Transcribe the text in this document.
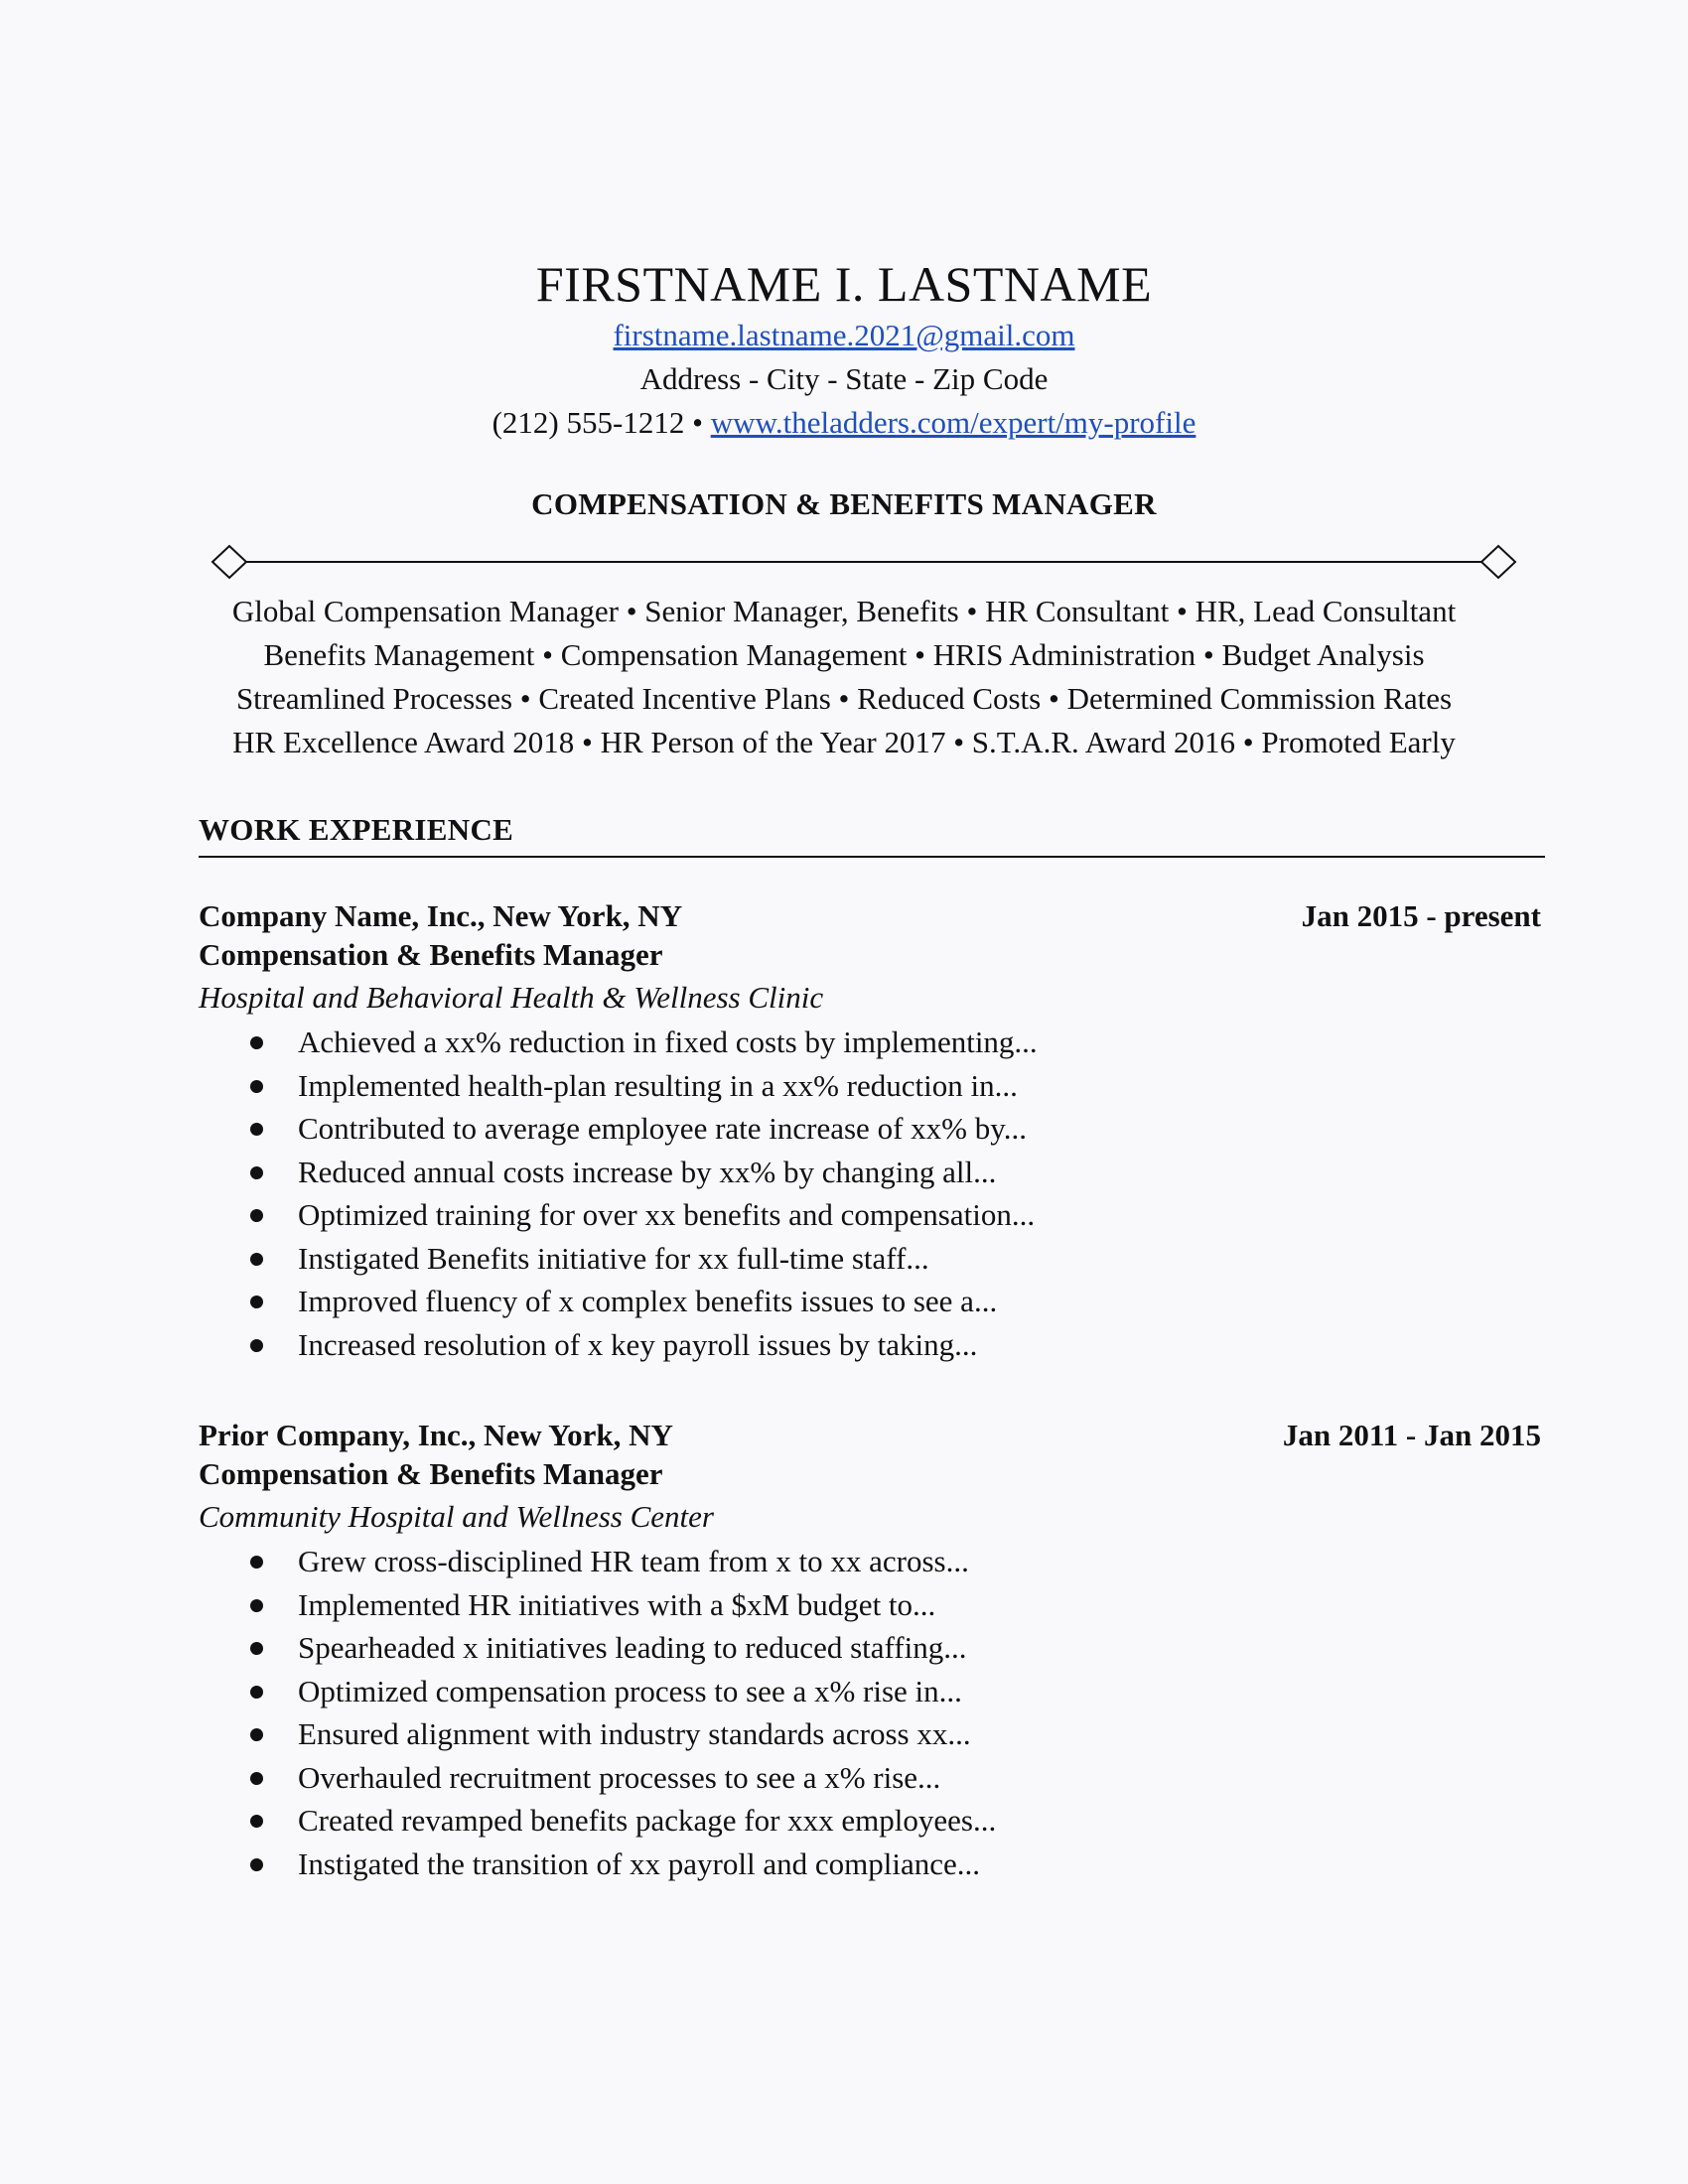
FIRSTNAME I. LASTNAME
firstname.lastname.2021@gmail.com
Address - City - State - Zip Code
(212) 555-1212 • www.theladders.com/expert/my-profile
COMPENSATION & BENEFITS MANAGER
Global Compensation Manager • Senior Manager, Benefits • HR Consultant • HR, Lead Consultant
Benefits Management • Compensation Management • HRIS Administration • Budget Analysis
Streamlined Processes • Created Incentive Plans • Reduced Costs • Determined Commission Rates
HR Excellence Award 2018 • HR Person of the Year 2017 • S.T.A.R. Award 2016 • Promoted Early
WORK EXPERIENCE
Company Name, Inc., New York, NY	Jan 2015 - present
Compensation & Benefits Manager
Hospital and Behavioral Health & Wellness Clinic
Achieved a xx% reduction in fixed costs by implementing...
Implemented health-plan resulting in a xx% reduction in...
Contributed to average employee rate increase of xx% by...
Reduced annual costs increase by xx% by changing all...
Optimized training for over xx benefits and compensation...
Instigated Benefits initiative for xx full-time staff...
Improved fluency of x complex benefits issues to see a...
Increased resolution of x key payroll issues by taking...
Prior Company, Inc., New York, NY	Jan 2011 - Jan 2015
Compensation & Benefits Manager
Community Hospital and Wellness Center
Grew cross-disciplined HR team from x to xx across...
Implemented HR initiatives with a $xM budget to...
Spearheaded x initiatives leading to reduced staffing...
Optimized compensation process to see a x% rise in...
Ensured alignment with industry standards across xx...
Overhauled recruitment processes to see a x% rise...
Created revamped benefits package for xxx employees...
Instigated the transition of xx payroll and compliance...
